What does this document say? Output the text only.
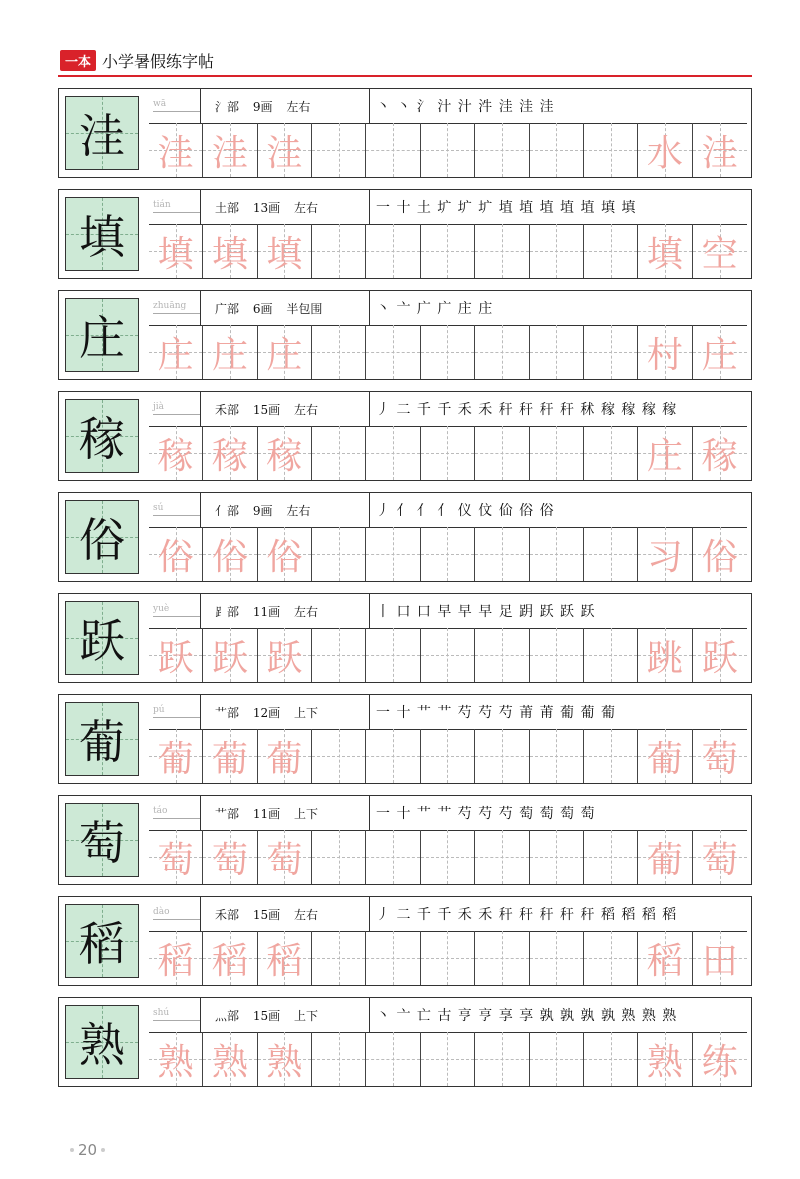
一本 小学暑假练字帖
洼
wā	氵部 9画 左右	丶 丶 氵 汁 汁 汼 洼 洼 洼
洼 洼 洼	水 洼
填
tián	土部 13画 左右	一 十 土 圹 圹 圹 埴 埴 埴 埴 埴 填 填
填 填 填	填 空
庄
zhuāng	广部 6画 半包围	丶 亠 广 广 庄 庄
庄 庄 庄	村 庄
稼
jià	禾部 15画 左右	丿 二 千 千 禾 禾 秆 秆 秆 秆 秫 稼 稼 稼 稼
稼 稼 稼	庄 稼
俗
sú	亻部 9画 左右	丿 亻 亻 亻 仪 伩 佡 俗 俗
俗 俗 俗	习 俗
跃
yuè	⻊部 11画 左右	丨 口 口 早 早 早 足 跀 跃 跃 跃
跃 跃 跃	跳 跃
葡
pú	艹部 12画 上下	一 十 艹 艹 芍 芍 芍 莆 莆 葡 葡 葡
葡 葡 葡	葡 萄
萄
táo	艹部 11画 上下	一 十 艹 艹 芍 芍 芍 萄 萄 萄 萄
萄 萄 萄	葡 萄
稻
dào	禾部 15画 左右	丿 二 千 千 禾 禾 秆 秆 秆 秆 秆 稻 稻 稻 稻
稻 稻 稻	稻 田
熟
shú	灬部 15画 上下	丶 亠 亡 古 亨 亨 享 享 孰 孰 孰 孰 熟 熟 熟
熟 熟 熟	熟 练
20
